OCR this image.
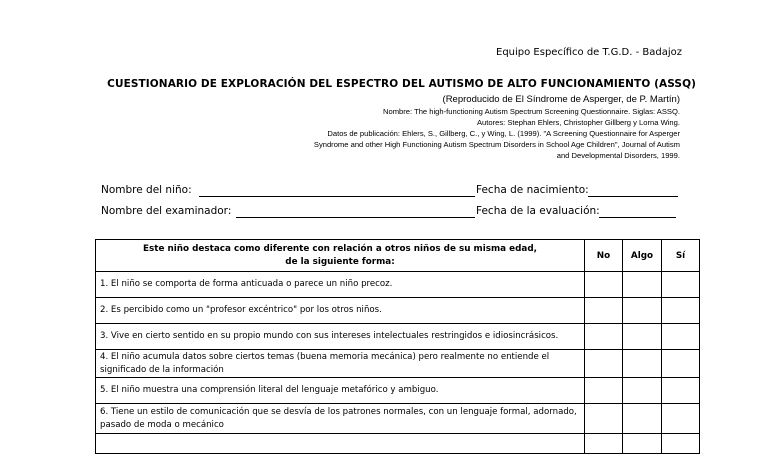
Equipo Específico de T.G.D. - Badajoz
CUESTIONARIO DE EXPLORACIÓN DEL ESPECTRO DEL AUTISMO DE ALTO FUNCIONAMIENTO (ASSQ)
(Reproducido de El Síndrome de Asperger, de P. Martín)
Nombre: The high-functioning Autism Spectrum Screening Questionnaire. Siglas: ASSQ.
Autores: Stephan Ehlers, Christopher Gillberg y Lorna Wing.
Datos de publicación: Ehlers, S., Gillberg, C., y Wing, L. (1999). "A Screening Questionnaire for Asperger
Syndrome and other High Functioning Autism Spectrum Disorders in School Age Children", Journal of Autism
and Developmental Disorders, 1999.
Nombre del niño:	Fecha de nacimiento:
Nombre del examinador:	Fecha de la evaluación:
Este niño destaca como diferente con relación a otros niños de su misma edad,
de la siguiente forma:	No	Algo	Sí
1. El niño se comporta de forma anticuada o parece un niño precoz.			
2. Es percibido como un "profesor excéntrico" por los otros niños.			
3. Vive en cierto sentido en su propio mundo con sus intereses intelectuales restringidos e idiosincrásicos.			
4. El niño acumula datos sobre ciertos temas (buena memoria mecánica) pero realmente no entiende el significado de la información			
5. El niño muestra una comprensión literal del lenguaje metafórico y ambiguo.			
6. Tiene un estilo de comunicación que se desvía de los patrones normales, con un lenguaje formal, adornado, pasado de moda o mecánico			
